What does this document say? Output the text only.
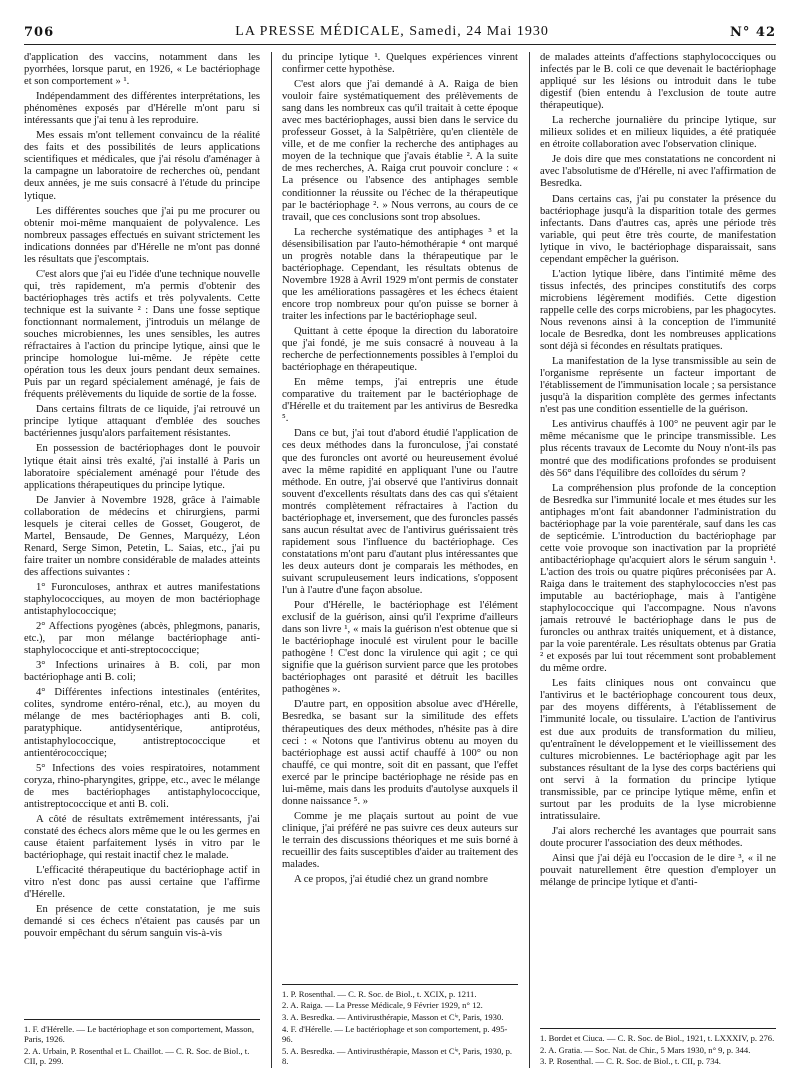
706	LA PRESSE MÉDICALE, Samedi, 24 Mai 1930	N° 42

d'application des vaccins, notamment dans les pyorrhées, lorsque parut, en 1926, « Le bactériophage et son comportement » ¹.

Indépendamment des différentes interprétations, les phénomènes exposés par d'Hérelle m'ont paru si intéressants que j'ai tenu à les reproduire.

Mes essais m'ont tellement convaincu de la réalité des faits et des possibilités de leurs applications scientifiques et médicales, que j'ai résolu d'aménager à la campagne un laboratoire de recherches où, pendant deux années, je me suis consacré à l'étude du principe lytique.

Les différentes souches que j'ai pu me procurer ou obtenir moi-même manquaient de polyvalence. Les nombreux passages effectués en suivant strictement les indications données par d'Hérelle ne m'ont pas donné les résultats que j'escomptais.

C'est alors que j'ai eu l'idée d'une technique nouvelle qui, très rapidement, m'a permis d'obtenir des bactériophages très actifs et très polyvalents. Cette technique est la suivante ² : Dans une fosse septique fonctionnant normalement, j'introduis un mélange de souches microbiennes, les unes sensibles, les autres réfractaires à l'action du principe lytique, ainsi que le principe homologue lui-même. Je répète cette opération tous les deux jours pendant deux semaines. Puis par un regard spécialement aménagé, je fais de fréquents prélèvements du liquide de sortie de la fosse.

Dans certains filtrats de ce liquide, j'ai retrouvé un principe lytique attaquant d'emblée des souches bactériennes jusqu'alors parfaitement résistantes.

En possession de bactériophages dont le pouvoir lytique était ainsi très exalté, j'ai installé à Paris un laboratoire spécialement aménagé pour l'étude des applications thérapeutiques du principe lytique.

De Janvier à Novembre 1928, grâce à l'aimable collaboration de médecins et chirurgiens, parmi lesquels je citerai celles de Gosset, Gougerot, de Martel, Bensaude, De Gennes, Marquézy, Léon Renard, Serge Simon, Petetin, L. Saias, etc., j'ai pu faire traiter un nombre considérable de malades atteints des affections suivantes :

1° Furonculoses, anthrax et autres manifestations staphylococciques, au moyen de mon bactériophage antistaphylococcique;

2° Affections pyogènes (abcès, phlegmons, panaris, etc.), par mon mélange bactériophage anti-staphylococcique et anti-streptococcique;

3° Infections urinaires à B. coli, par mon bactériophage anti B. coli;

4° Différentes infections intestinales (entérites, colites, syndrome entéro-rénal, etc.), au moyen du mélange de mes bactériophages anti B. coli, paratyphique. antidysentérique, antiprotéus, antistaphylococcique, antistreptococcique et antientérococcique;

5° Infections des voies respiratoires, notamment coryza, rhino-pharyngites, grippe, etc., avec le mélange de mes bactériophages antistaphylococcique, antistreptococcique et anti B. coli.

A côté de résultats extrêmement intéressants, j'ai constaté des échecs alors même que le ou les germes en cause étaient parfaitement lysés in vitro par le bactériophage, qui restait inactif chez le malade.

L'efficacité thérapeutique du bactériophage actif in vitro n'est donc pas aussi certaine que l'affirme d'Hérelle.

En présence de cette constatation, je me suis demandé si ces échecs n'étaient pas causés par un pouvoir empêchant du sérum sanguin vis-à-vis

1. F. d'Hérelle. — Le bactériophage et son comportement, Masson, Paris, 1926.
2. A. Urbain, P. Rosenthal et L. Chaillot. — C. R. Soc. de Biol., t. CII, p. 299.

du principe lytique ¹. Quelques expériences vinrent confirmer cette hypothèse.

C'est alors que j'ai demandé à A. Raiga de bien vouloir faire systématiquement des prélèvements de sang dans les nombreux cas qu'il traitait à cette époque avec mes bactériophages, aussi bien dans le service du professeur Gosset, à la Salpêtrière, qu'en clientèle de ville, et de me confier la recherche des antiphages au moyen de la technique que j'avais établie ². A la suite de mes recherches, A. Raiga crut pouvoir conclure : « La présence ou l'absence des antiphages semble conditionner la réussite ou l'échec de la thérapeutique par le bactériophage ². » Nous verrons, au cours de ce travail, que ces conclusions sont trop absolues.

La recherche systématique des antiphages ³ et la désensibilisation par l'auto-hémothérapie ⁴ ont marqué un progrès notable dans la thérapeutique par le bactériophage. Cependant, les résultats obtenus de Novembre 1928 à Avril 1929 m'ont permis de constater que les améliorations passagères et les échecs étaient encore trop nombreux pour qu'on puisse se borner à traiter les infections par le bactériophage seul.

Quittant à cette époque la direction du laboratoire que j'ai fondé, je me suis consacré à nouveau à la recherche de perfectionnements possibles à l'emploi du bactériophage en thérapeutique.

En même temps, j'ai entrepris une étude comparative du traitement par le bactériophage de d'Hérelle et du traitement par les antivirus de Besredka ⁵.

Dans ce but, j'ai tout d'abord étudié l'application de ces deux méthodes dans la furonculose, j'ai constaté que des furoncles ont avorté ou heureusement évolué avec la même rapidité en appliquant l'une ou l'autre méthode. En outre, j'ai observé que l'antivirus donnait souvent d'excellents résultats dans des cas qui s'étaient montrés complètement réfractaires à l'action du bactériophage et, inversement, que des furoncles passés sans aucun résultat avec de l'antivirus guérissaient très rapidement sous l'influence du bactériophage. Ces constatations m'ont paru d'autant plus intéressantes que les deux auteurs dont je comparais les méthodes, en suivant scrupuleusement leurs indications, s'opposent l'un à l'autre d'une façon absolue.

Pour d'Hérelle, le bactériophage est l'élément exclusif de la guérison, ainsi qu'il l'exprime d'ailleurs dans son livre ¹, « mais la guérison n'est obtenue que si le bactériophage inoculé est virulent pour le bacille pathogène ! C'est donc la virulence qui agit ; ce qui signifie que la guérison survient parce que les protobes bactériophages ont parasité et détruit les bacilles pathogènes ».

D'autre part, en opposition absolue avec d'Hérelle, Besredka, se basant sur la similitude des effets thérapeutiques des deux méthodes, n'hésite pas à dire ceci : « Notons que l'antivirus obtenu au moyen du bactériophage est aussi actif chauffé à 100° ou non chauffé, ce qui montre, soit dit en passant, que l'effet exercé par le principe bactériophage ne réside pas en lui-même, mais dans les produits d'autolyse auxquels il donne naissance ⁵. »

Comme je me plaçais surtout au point de vue clinique, j'ai préféré ne pas suivre ces deux auteurs sur le terrain des discussions théoriques et me suis borné à recueillir des faits susceptibles d'aider au traitement des malades.

A ce propos, j'ai étudié chez un grand nombre

1. P. Rosenthal. — C. R. Soc. de Biol., t. XCIX, p. 1211.
2. A. Raiga. — La Presse Médicale, 9 Février 1929, n° 12.
3. A. Besredka. — Antivirusthérapie, Masson et Cⁱᵉ, Paris, 1930.
4. F. d'Hérelle. — Le bactériophage et son comportement, p. 495-96.
5. A. Besredka. — Antivirusthérapie, Masson et Cⁱᵉ, Paris, 1930, p. 8.

de malades atteints d'affections staphylococciques ou infectés par le B. coli ce que devenait le bactériophage appliqué sur les lésions ou introduit dans le tube digestif (bien entendu à l'exclusion de toute autre thérapeutique).

La recherche journalière du principe lytique, sur milieux solides et en milieux liquides, a été pratiquée en étroite collaboration avec l'observation clinique.

Je dois dire que mes constatations ne concordent ni avec l'absolutisme de d'Hérelle, ni avec l'affirmation de Besredka.

Dans certains cas, j'ai pu constater la présence du bactériophage jusqu'à la disparition totale des germes infectants. Dans d'autres cas, après une période très variable, qui peut être très courte, de manifestation lytique in vivo, le bactériophage disparaissait, sans cependant empêcher la guérison.

L'action lytique libère, dans l'intimité même des tissus infectés, des principes constitutifs des corps microbiens légèrement modifiés. Cette digestion rappelle celle des corps microbiens, par les phagocytes. Nous revenons ainsi à la conception de l'immunité locale de Besredka, dont les nombreuses applications sont déjà si fécondes en résultats pratiques.

La manifestation de la lyse transmissible au sein de l'organisme représente un facteur important de l'établissement de l'immunisation locale ; sa persistance jusqu'à la disparition complète des germes infectants n'est pas une condition essentielle de la guérison.

Les antivirus chauffés à 100° ne peuvent agir par le même mécanisme que le principe transmissible. Les plus récents travaux de Lecomte du Nouy n'ont-ils pas montré que des modifications profondes se produisent dès 56° dans l'équilibre des colloïdes du sérum ?

La compréhension plus profonde de la conception de Besredka sur l'immunité locale et mes études sur les antiphages m'ont fait abandonner l'administration du bactériophage par la voie parentérale, sauf dans les cas de septicémie. L'introduction du bactériophage par cette voie provoque son inactivation par la propriété antibactériophage qu'acquiert alors le sérum sanguin ¹. L'action des trois ou quatre piqûres préconisées par A. Raiga dans le traitement des staphylococcies n'est pas imputable au bactériophage, mais à l'antigène staphylococcique qui l'accompagne. Nous n'avons jamais retrouvé le bactériophage dans le pus de furoncles ou anthrax traités uniquement, et à distance, par la voie parentérale. Les résultats obtenus par Gratia ² et exposés par lui tout récemment sont probablement du même ordre.

Les faits cliniques nous ont convaincu que l'antivirus et le bactériophage concourent tous deux, par des moyens différents, à l'établissement de l'immunité locale, ou tissulaire. L'action de l'antivirus est due aux produits de transformation du milieu, qu'entraînent le développement et le vieillissement des cultures microbiennes. Le bactériophage agit par les substances résultant de la lyse des corps bactériens qui ont servi à la formation du principe lytique transmissible, par ce principe lytique même, enfin et surtout par les produits de la lyse microbienne intratissulaire.

J'ai alors recherché les avantages que pourrait sans doute procurer l'association des deux méthodes.

Ainsi que j'ai déjà eu l'occasion de le dire ³, « il ne pouvait naturellement être question d'employer un mélange de principe lytique et d'anti-

1. Bordet et Ciuca. — C. R. Soc. de Biol., 1921, t. LXXXIV, p. 276.
2. A. Gratia. — Soc. Nat. de Chir., 5 Mars 1930, n° 9, p. 344.
3. P. Rosenthal. — C. R. Soc. de Biol., t. CII, p. 734.
